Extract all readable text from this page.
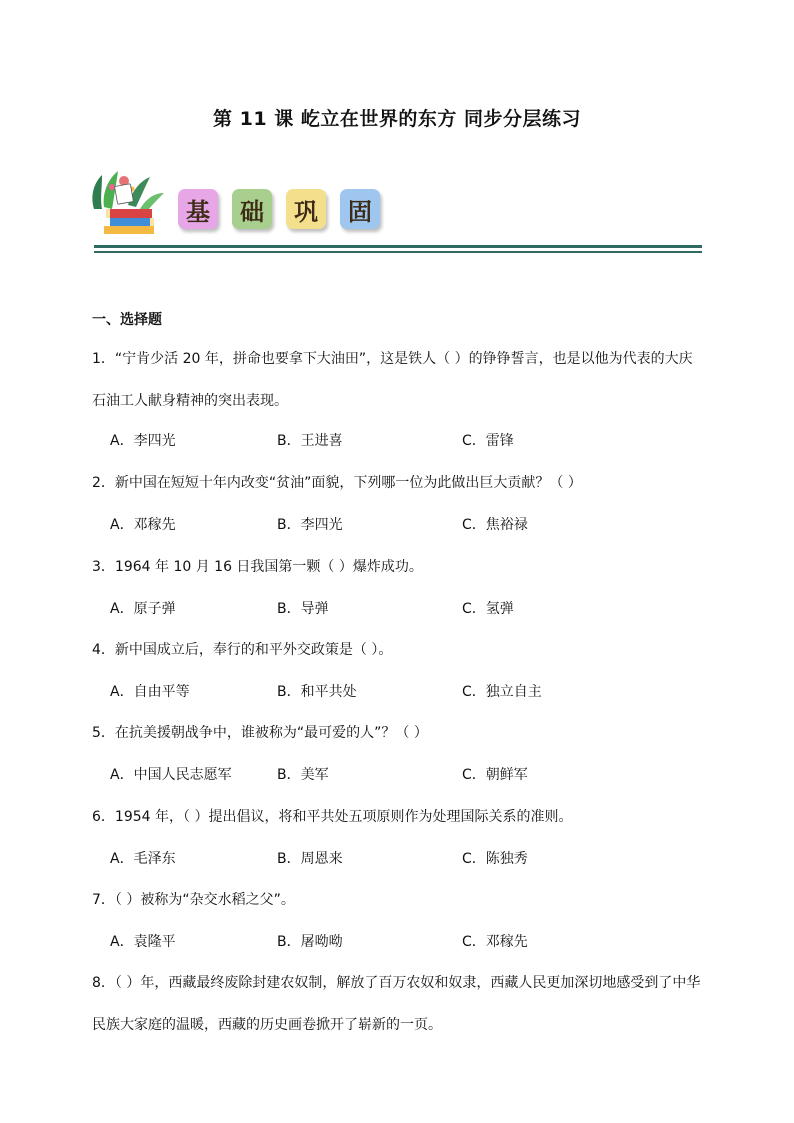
第 11 课 屹立在世界的东方 同步分层练习
基	础	巩	固
一、选择题
1．“宁肯少活 20 年，拼命也要拿下大油田”，这是铁人（ ）的铮铮誓言，也是以他为代表的大庆石油工人献身精神的突出表现。
A．李四光	B．王进喜	C．雷锋
2．新中国在短短十年内改变“贫油”面貌，下列哪一位为此做出巨大贡献？（ ）
A．邓稼先	B．李四光	C．焦裕禄
3．1964 年 10 月 16 日我国第一颗（ ）爆炸成功。
A．原子弹	B．导弹	C．氢弹
4．新中国成立后，奉行的和平外交政策是（ ）。
A．自由平等	B．和平共处	C．独立自主
5．在抗美援朝战争中，谁被称为“最可爱的人”？（ ）
A．中国人民志愿军	B．美军	C．朝鲜军
6．1954 年，（ ）提出倡议，将和平共处五项原则作为处理国际关系的准则。
A．毛泽东	B．周恩来	C．陈独秀
7．（ ）被称为“杂交水稻之父”。
A．袁隆平	B．屠呦呦	C．邓稼先
8．（ ）年，西藏最终废除封建农奴制，解放了百万农奴和奴隶，西藏人民更加深切地感受到了中华民族大家庭的温暖，西藏的历史画卷掀开了崭新的一页。
